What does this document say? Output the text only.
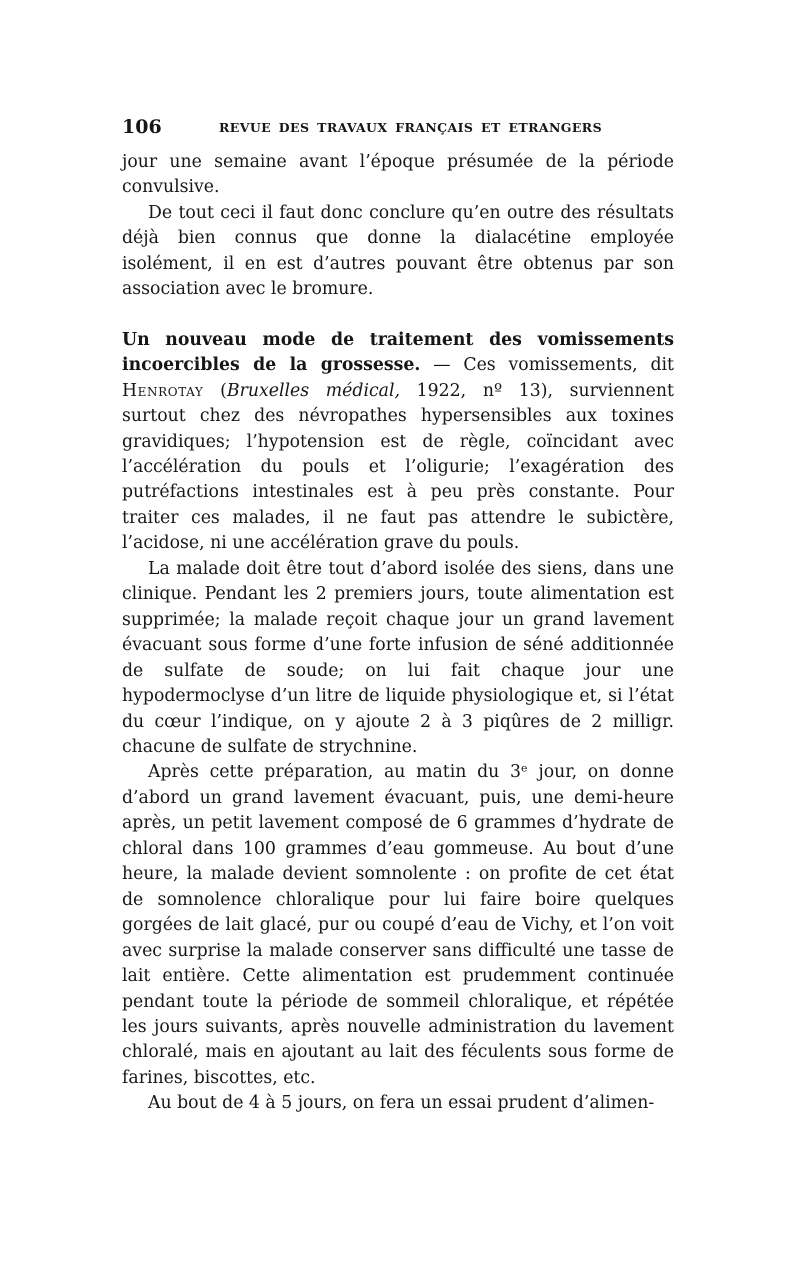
106	REVUE DES TRAVAUX FRANÇAIS ET ETRANGERS

jour une semaine avant l’époque présumée de la période convulsive.

De tout ceci il faut donc conclure qu’en outre des résultats déjà bien connus que donne la dialacétine employée isolément, il en est d’autres pouvant être obtenus par son association avec le bromure.

Un nouveau mode de traitement des vomissements incoercibles de la grossesse. — Ces vomissements, dit Henrotay (Bruxelles médical, 1922, nº 13), surviennent surtout chez des névropathes hypersensibles aux toxines gravidiques; l’hypotension est de règle, coïncidant avec l’accélération du pouls et l’oligurie; l’exagération des putréfactions intestinales est à peu près constante. Pour traiter ces malades, il ne faut pas attendre le subictère, l’acidose, ni une accélération grave du pouls.

La malade doit être tout d’abord isolée des siens, dans une clinique. Pendant les 2 premiers jours, toute alimentation est supprimée; la malade reçoit chaque jour un grand lavement évacuant sous forme d’une forte infusion de séné additionnée de sulfate de soude; on lui fait chaque jour une hypodermoclyse d’un litre de liquide physiologique et, si l’état du cœur l’indique, on y ajoute 2 à 3 piqûres de 2 milligr. chacune de sulfate de strychnine.

Après cette préparation, au matin du 3ᵉ jour, on donne d’abord un grand lavement évacuant, puis, une demi-heure après, un petit lavement composé de 6 grammes d’hydrate de chloral dans 100 grammes d’eau gommeuse. Au bout d’une heure, la malade devient somnolente : on profite de cet état de somnolence chloralique pour lui faire boire quelques gorgées de lait glacé, pur ou coupé d’eau de Vichy, et l’on voit avec surprise la malade conserver sans difficulté une tasse de lait entière. Cette alimentation est prudemment continuée pendant toute la période de sommeil chloralique, et répétée les jours suivants, après nouvelle administration du lavement chloralé, mais en ajoutant au lait des féculents sous forme de farines, biscottes, etc.

Au bout de 4 à 5 jours, on fera un essai prudent d’alimen-
